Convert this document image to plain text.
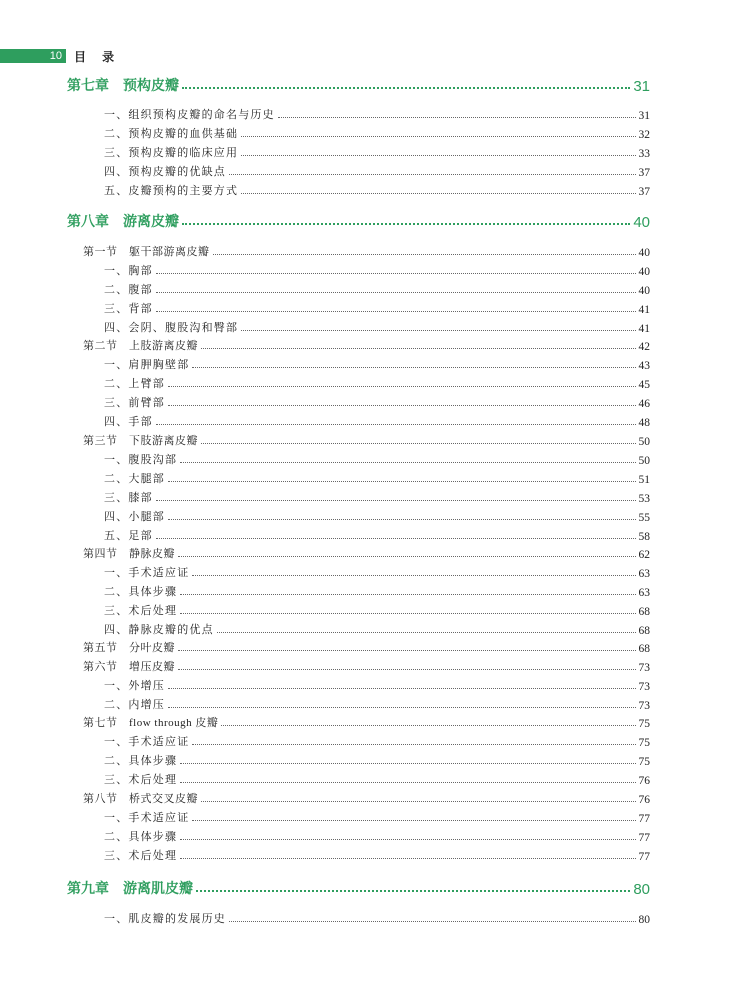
10	目 录
第七章　预构皮瓣	31
一、组织预构皮瓣的命名与历史	31
二、预构皮瓣的血供基础	32
三、预构皮瓣的临床应用	33
四、预构皮瓣的优缺点	37
五、皮瓣预构的主要方式	37
第八章　游离皮瓣	40
第一节　躯干部游离皮瓣	40
一、胸部	40
二、腹部	40
三、背部	41
四、会阴、腹股沟和臀部	41
第二节　上肢游离皮瓣	42
一、肩胛胸壁部	43
二、上臂部	45
三、前臂部	46
四、手部	48
第三节　下肢游离皮瓣	50
一、腹股沟部	50
二、大腿部	51
三、膝部	53
四、小腿部	55
五、足部	58
第四节　静脉皮瓣	62
一、手术适应证	63
二、具体步骤	63
三、术后处理	68
四、静脉皮瓣的优点	68
第五节　分叶皮瓣	68
第六节　增压皮瓣	73
一、外增压	73
二、内增压	73
第七节　flow through 皮瓣	75
一、手术适应证	75
二、具体步骤	75
三、术后处理	76
第八节　桥式交叉皮瓣	76
一、手术适应证	77
二、具体步骤	77
三、术后处理	77
第九章　游离肌皮瓣	80
一、肌皮瓣的发展历史	80
